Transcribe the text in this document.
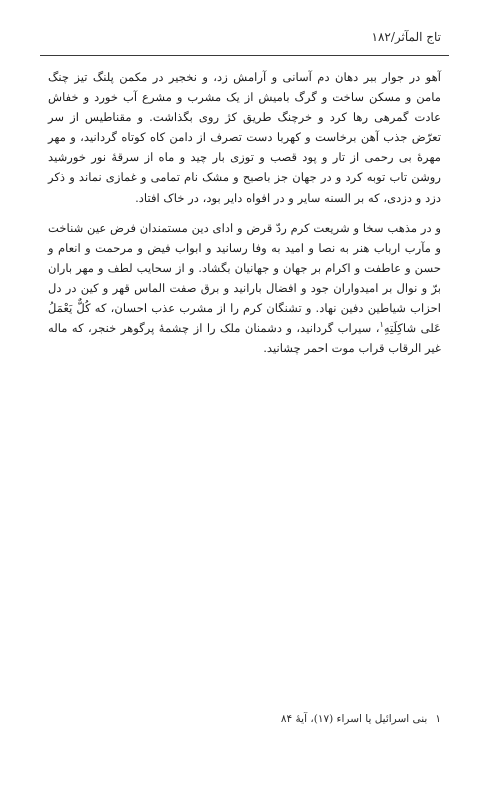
تاج المآثر/۱۸۲

آهو در جوار ببر دهان دم آسانی و آرامش زد، و نخجیر در مکمن پلنگ تیز چنگ مامن و مسکن ساخت و گرگ بامیش از یک مشرب و مشرع آب خورد و خفاش عادت گمرهی رها کرد و خرچنگ طریق کژ روی بگذاشت. و مقناطیس از سر تعرّض جذب آهن برخاست و کهربا دست تصرف از دامن کاه کوتاه گردانید، و مهر مهرهٔ بی رحمی از تار و پود قصب و توزی بار چید و ماه از سرقهٔ نور خورشید روشن تاب توبه کرد و در جهان جز باصبح و مشک نام تمامی و غمازی نماند و ذکر دزد و دزدی، که بر السنه سایر و در افواه دایر بود، در خاک افتاد.

و در مذهب سخا و شریعت کرم ردّ قرض و ادای دین مستمندان فرض عین شناخت و مآرب ارباب هنر به نصا و امید به وفا رسانید و ابواب فیض و مرحمت و انعام و حسن و عاطفت و اکرام بر جهان و جهانیان بگشاد. و از سحایب لطف و مهر باران برّ و نوال بر امیدواران جود و افضال بارانید و برق صفت الماس قهر و کین در دل احزاب شیاطین دفین نهاد. و تشنگان کرم را از مشرب عذب احسان، که کُلٌّ یَعْمَلُ عَلی شاکِلَتِهِ$^۱$، سیراب گردانید، و دشمنان ملک را از چشمهٔ پرگوهر خنجر، که ماله غیر الرقاب قراب موت احمر چشانید.

۱بنی اسرائیل یا اسراء (۱۷)، آیهٔ ۸۴
